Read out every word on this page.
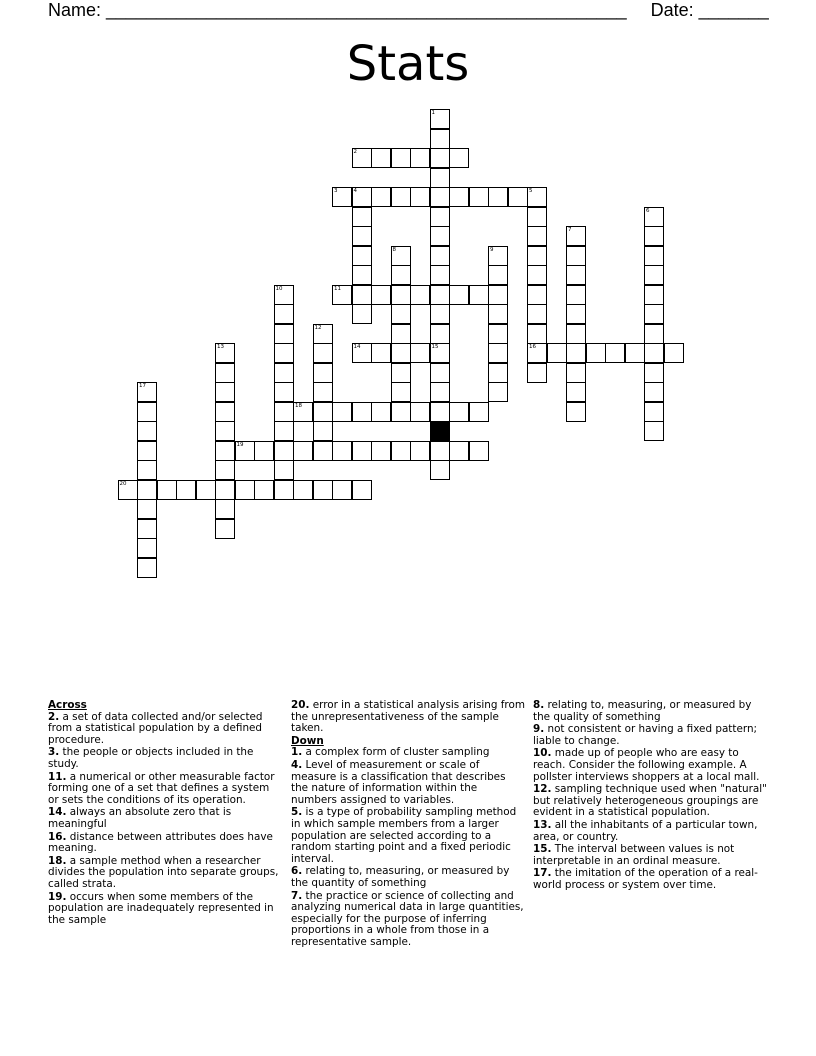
Name: ____________________________________________________ Date: _______
Stats
1
15
2
3	4	5
16
6
7
8	9
10	11
12
13	14
17
18
19
20
Across
2. a set of data collected and/or selected from a statistical population by a defined procedure.
3. the people or objects included in the study.
11. a numerical or other measurable factor forming one of a set that defines a system or sets the conditions of its operation.
14. always an absolute zero that is meaningful
16. distance between attributes does have meaning.
18. a sample method when a researcher divides the population into separate groups, called strata.
19. occurs when some members of the population are inadequately represented in the sample
20. error in a statistical analysis arising from the unrepresentativeness of the sample taken.
Down
1. a complex form of cluster sampling
4. Level of measurement or scale of measure is a classification that describes the nature of information within the numbers assigned to variables.
5. is a type of probability sampling method in which sample members from a larger population are selected according to a random starting point and a fixed periodic interval.
6. relating to, measuring, or measured by the quantity of something
7. the practice or science of collecting and analyzing numerical data in large quantities, especially for the purpose of inferring proportions in a whole from those in a representative sample.
8. relating to, measuring, or measured by the quality of something
9. not consistent or having a fixed pattern; liable to change.
10. made up of people who are easy to reach. Consider the following example. A pollster interviews shoppers at a local mall.
12. sampling technique used when "natural" but relatively heterogeneous groupings are evident in a statistical population.
13. all the inhabitants of a particular town, area, or country.
15. The interval between values is not interpretable in an ordinal measure.
17. the imitation of the operation of a real-world process or system over time.
